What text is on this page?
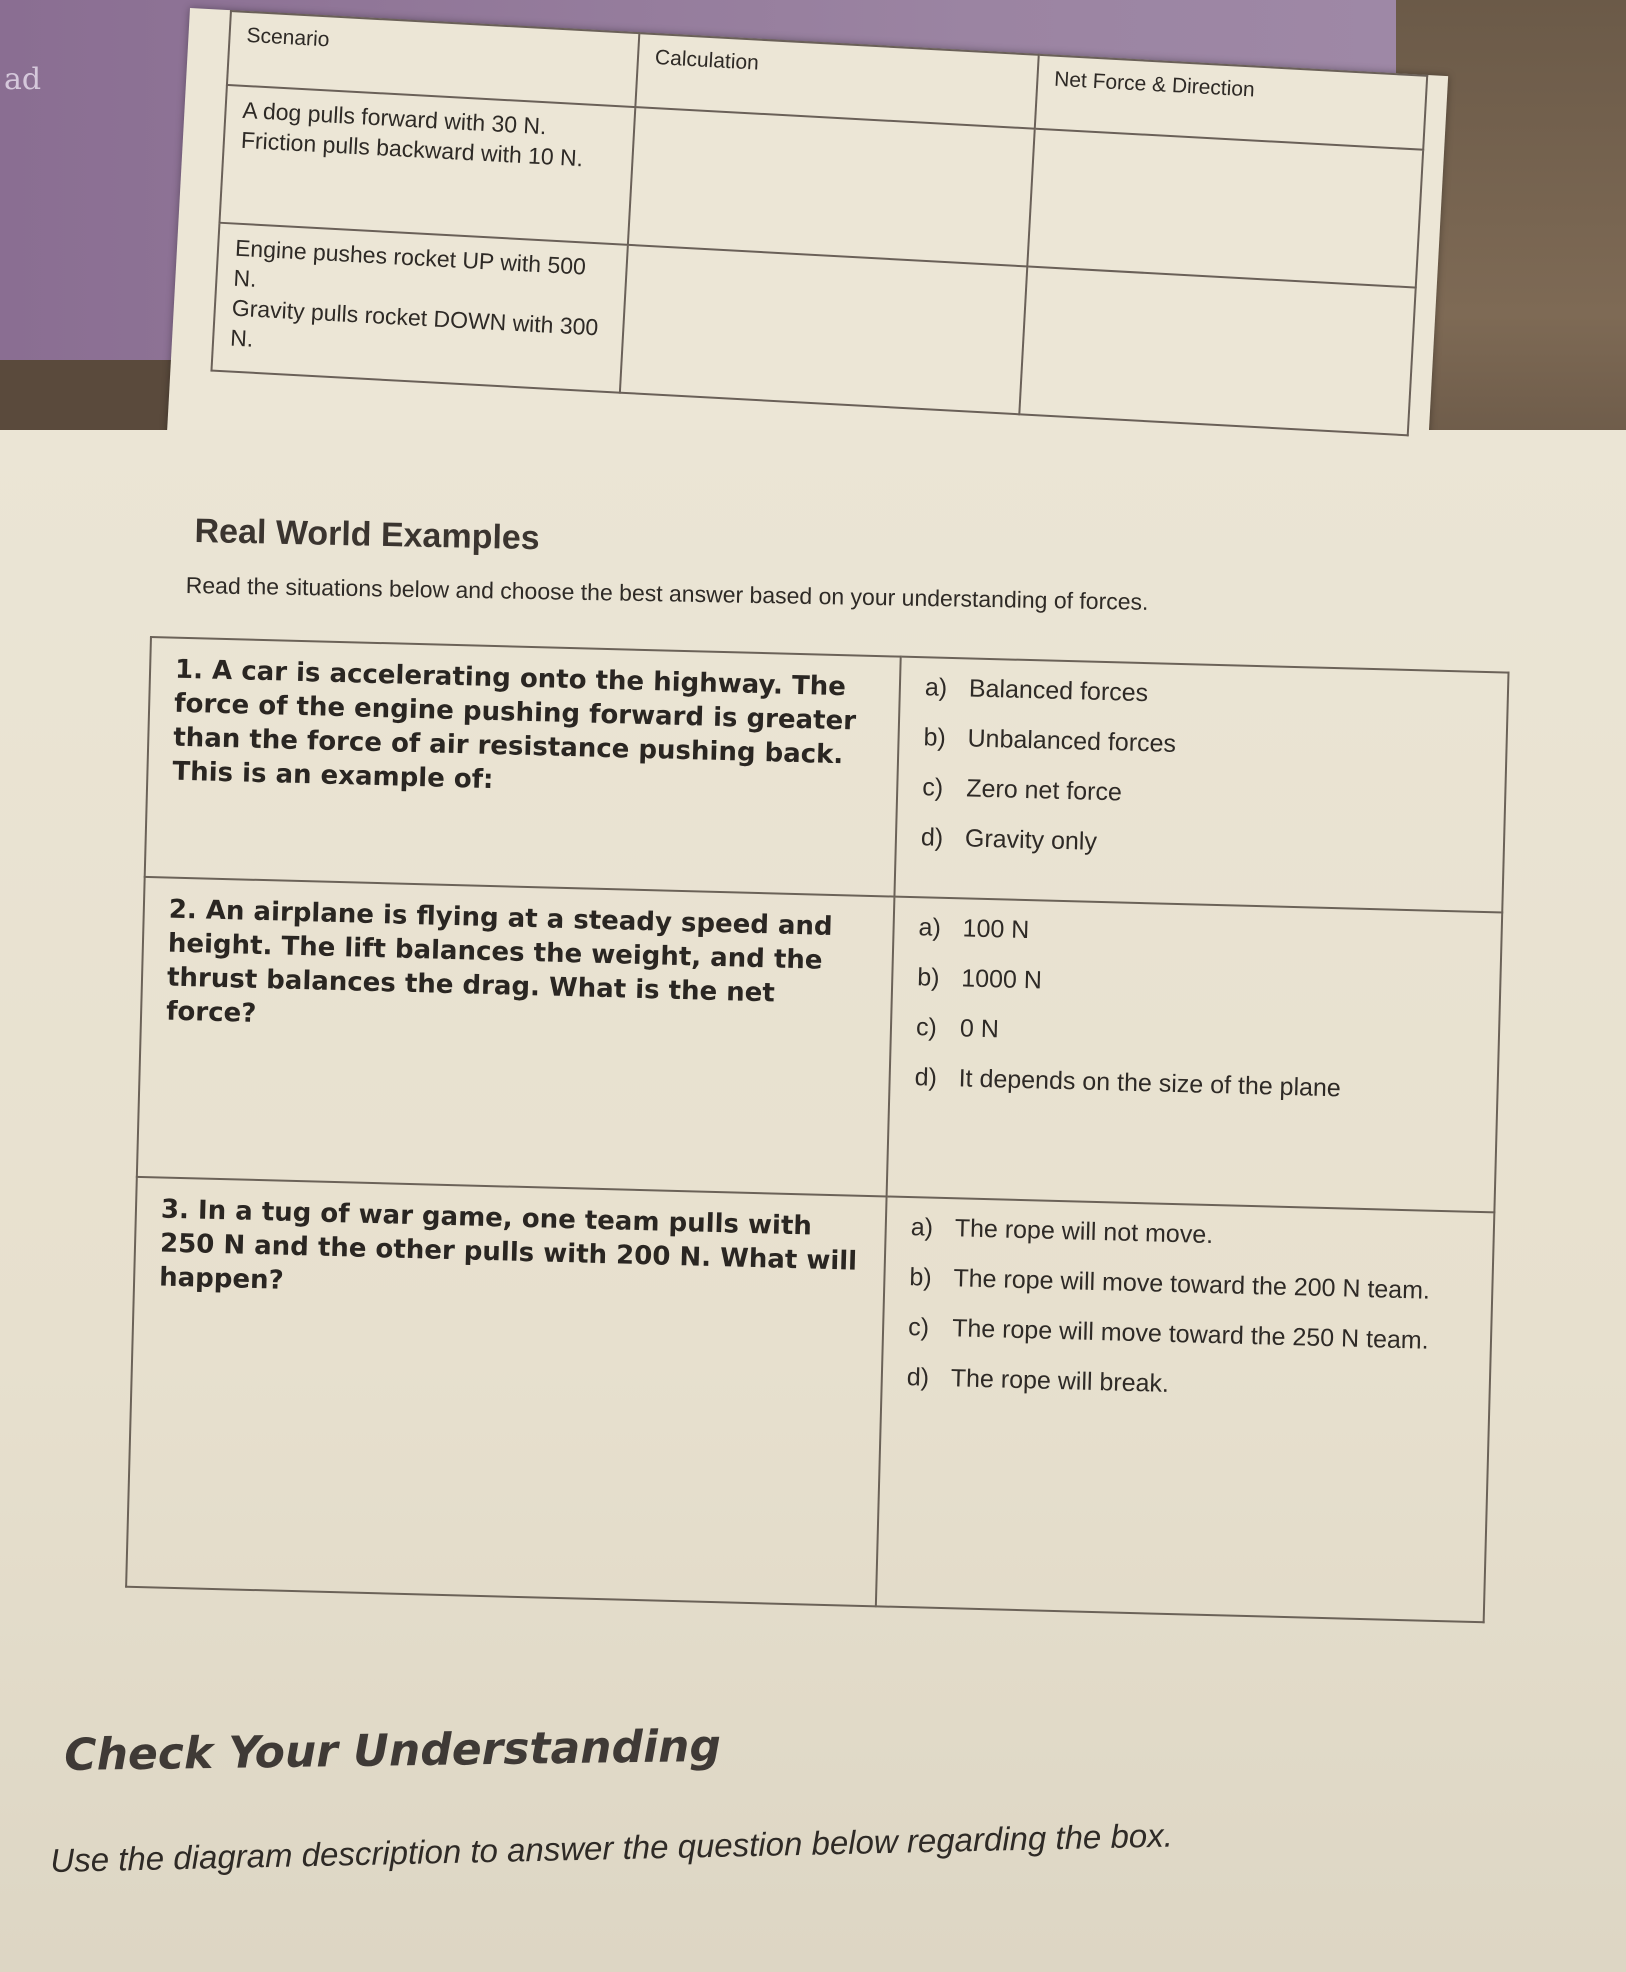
ad
Scenario	Calculation	Net Force & Direction

A dog pulls forward with 30 N.
Friction pulls backward with 10 N.		

Engine pushes rocket UP with 500 N.
Gravity pulls rocket DOWN with 300 N.		

Real World Examples
Read the situations below and choose the best answer based on your understanding of forces.
1. A car is accelerating onto the highway. The force of the engine pushing forward is greater than the force of air resistance pushing back. This is an example of:	a) Balanced forces
b) Unbalanced forces
c) Zero net force
d) Gravity only

2. An airplane is flying at a steady speed and height. The lift balances the weight, and the thrust balances the drag. What is the net force?	a) 100 N
b) 1000 N
c) 0 N
d) It depends on the size of the plane

3. In a tug of war game, one team pulls with 250 N and the other pulls with 200 N. What will happen?	a) The rope will not move.
b) The rope will move toward the 200 N team.
c) The rope will move toward the 250 N team.
d) The rope will break.
Check Your Understanding
Use the diagram description to answer the question below regarding the box.
